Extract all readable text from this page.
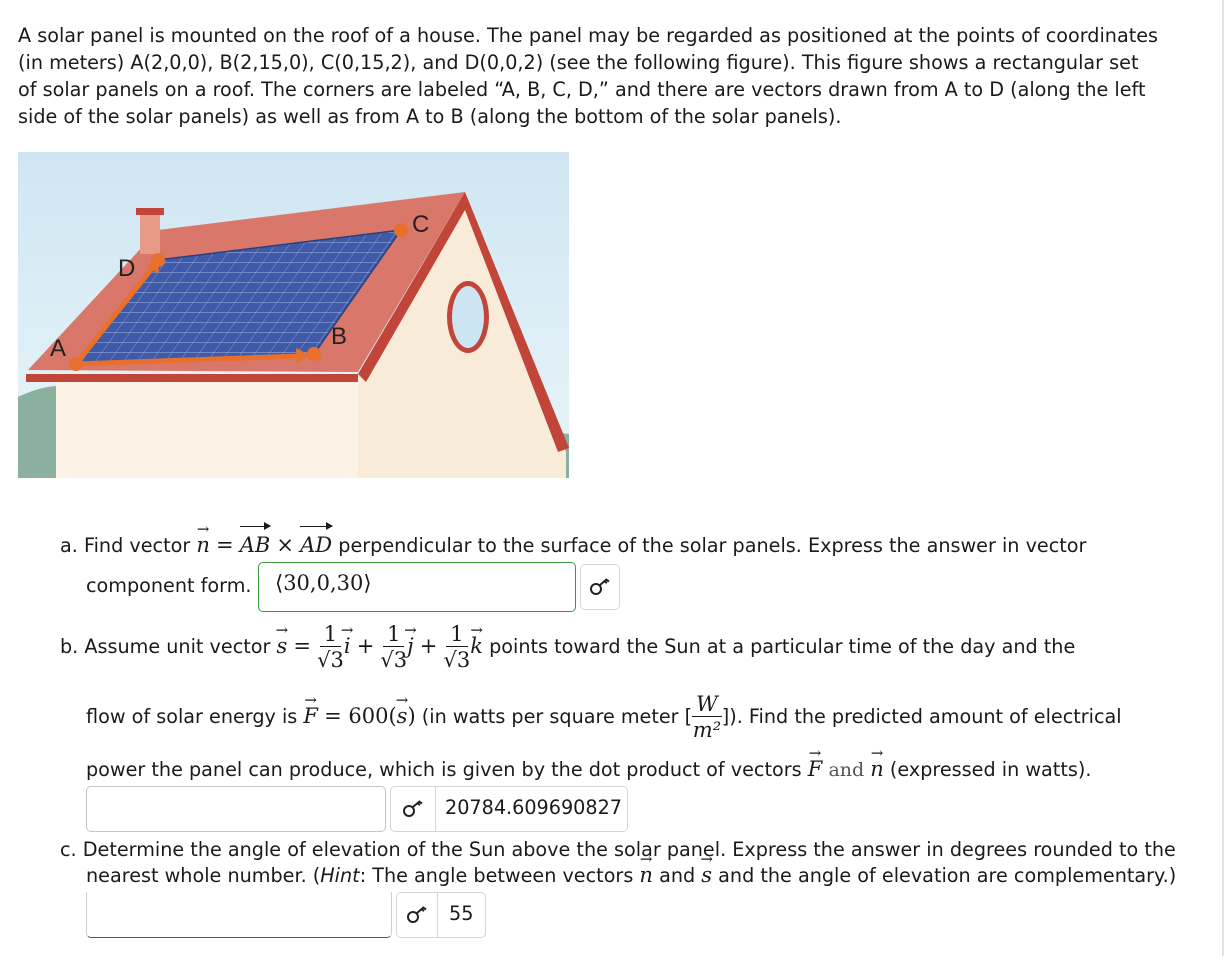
A solar panel is mounted on the roof of a house. The panel may be regarded as positioned at the points of coordinates
(in meters) A(2,0,0), B(2,15,0), C(0,15,2), and D(0,0,2) (see the following figure). This figure shows a rectangular set
of solar panels on a roof. The corners are labeled “A, B, C, D,” and there are vectors drawn from A to D (along the left
side of the solar panels) as well as from A to B (along the bottom of the solar panels).

A	B
C
D
a. Find vector → n = AB × AD perpendicular to the surface of the solar panels. Express the answer in vector
component form. ⟨30,0,30⟩
b. Assume unit vector → $s = \frac{1}{√3}$
→ $i + \frac{1}{√3}$
→ $j + \frac{1}{√3}$
→ k points toward the Sun at a particular time of the day and the
flow of solar energy is → F = 600(→ s) (in watts per square meter [ $\frac{W}{\text{m²}}$ ]). Find the predicted amount of electrical
power the panel can produce, which is given by the dot product of vectors → F and → n (expressed in watts).
20784.609690827
c. Determine the angle of elevation of the Sun above the solar panel. Express the answer in degrees rounded to the
nearest whole number. (Hint: The angle between vectors → n and → s and the angle of elevation are complementary.)
55
